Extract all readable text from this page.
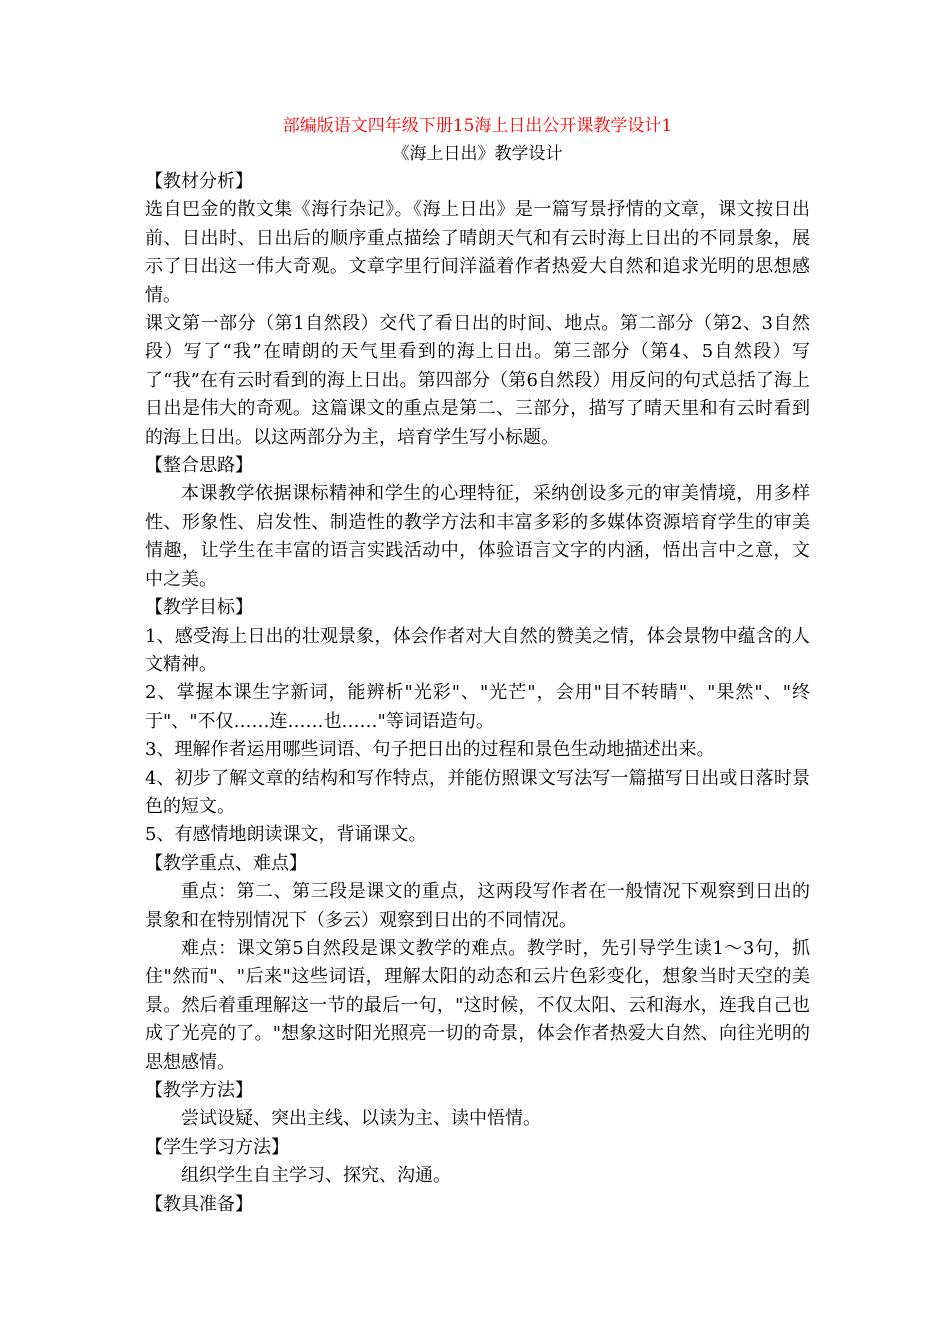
部编版语文四年级下册15海上日出公开课教学设计1
《海上日出》教学设计

【教材分析】

选自巴金的散文集《海行杂记》。《海上日出》是一篇写景抒情的文章，课文按日出前、日出时、日出后的顺序重点描绘了晴朗天气和有云时海上日出的不同景象，展示了日出这一伟大奇观。文章字里行间洋溢着作者热爱大自然和追求光明的思想感情。

课文第一部分（第1自然段）交代了看日出的时间、地点。第二部分（第2、3自然段）写了“我”在晴朗的天气里看到的海上日出。第三部分（第4、5自然段）写了“我”在有云时看到的海上日出。第四部分（第6自然段）用反问的句式总括了海上日出是伟大的奇观。这篇课文的重点是第二、三部分，描写了晴天里和有云时看到的海上日出。以这两部分为主，培育学生写小标题。

【整合思路】

本课教学依据课标精神和学生的心理特征，采纳创设多元的审美情境，用多样性、形象性、启发性、制造性的教学方法和丰富多彩的多媒体资源培育学生的审美情趣，让学生在丰富的语言实践活动中，体验语言文字的内涵，悟出言中之意，文中之美。

【教学目标】

1、感受海上日出的壮观景象，体会作者对大自然的赞美之情，体会景物中蕴含的人文精神。

2、掌握本课生字新词，能辨析"光彩"、"光芒"，会用"目不转睛"、"果然"、"终于"、"不仅……连……也……"等词语造句。

3、理解作者运用哪些词语、句子把日出的过程和景色生动地描述出来。

4、初步了解文章的结构和写作特点，并能仿照课文写法写一篇描写日出或日落时景色的短文。

5、有感情地朗读课文，背诵课文。

【教学重点、难点】

重点：第二、第三段是课文的重点，这两段写作者在一般情况下观察到日出的景象和在特别情况下（多云）观察到日出的不同情况。

难点：课文第5自然段是课文教学的难点。教学时，先引导学生读1～3句，抓住"然而"、"后来"这些词语，理解太阳的动态和云片色彩变化，想象当时天空的美景。然后着重理解这一节的最后一句，"这时候，不仅太阳、云和海水，连我自己也成了光亮的了。"想象这时阳光照亮一切的奇景，体会作者热爱大自然、向往光明的思想感情。

【教学方法】

尝试设疑、突出主线、以读为主、读中悟情。

【学生学习方法】

组织学生自主学习、探究、沟通。

【教具准备】
